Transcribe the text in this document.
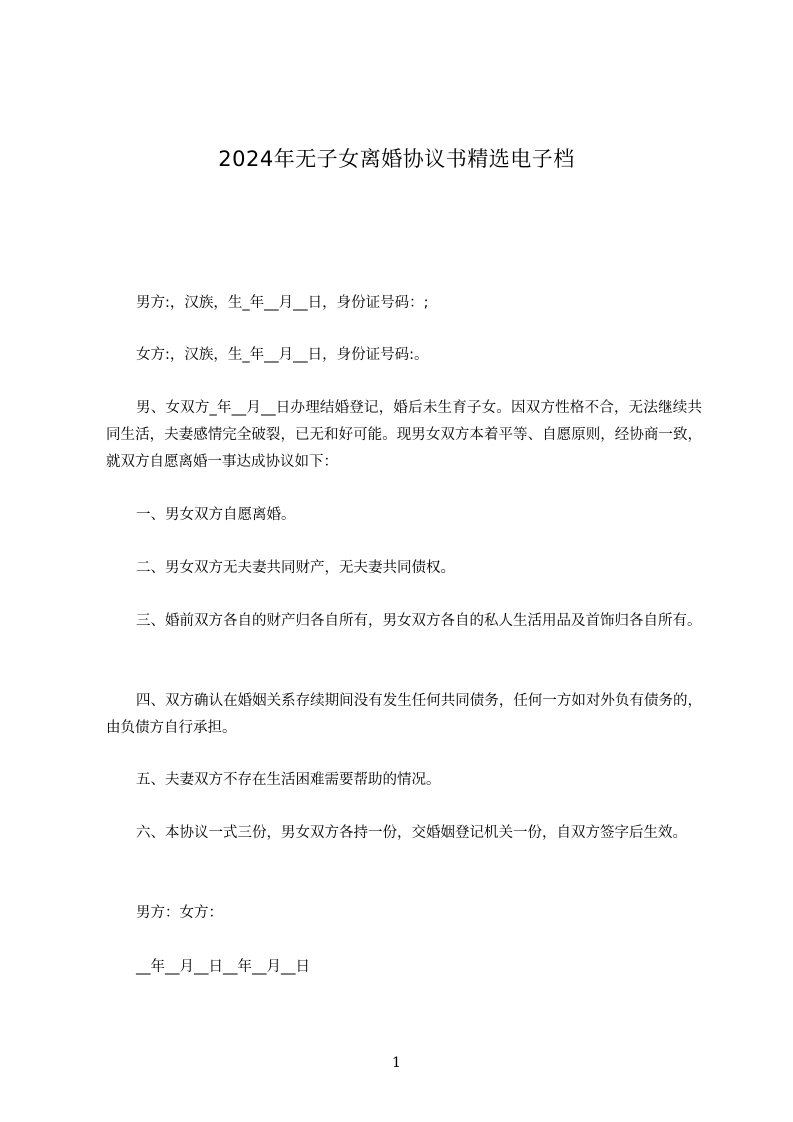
2024年无子女离婚协议书精选电子档
男方:，汉族，生_年__月__日，身份证号码：;
女方:，汉族，生_年__月__日，身份证号码:。
男、女双方_年__月__日办理结婚登记，婚后未生育子女。因双方性格不合，无法继续共同生活，夫妻感情完全破裂，已无和好可能。现男女双方本着平等、自愿原则，经协商一致，就双方自愿离婚一事达成协议如下：
一、男女双方自愿离婚。
二、男女双方无夫妻共同财产，无夫妻共同债权。
三、婚前双方各自的财产归各自所有，男女双方各自的私人生活用品及首饰归各自所有。
四、双方确认在婚姻关系存续期间没有发生任何共同债务，任何一方如对外负有债务的，由负债方自行承担。
五、夫妻双方不存在生活困难需要帮助的情况。
六、本协议一式三份，男女双方各持一份，交婚姻登记机关一份，自双方签字后生效。
男方：女方：
__年__月__日__年__月__日
1
